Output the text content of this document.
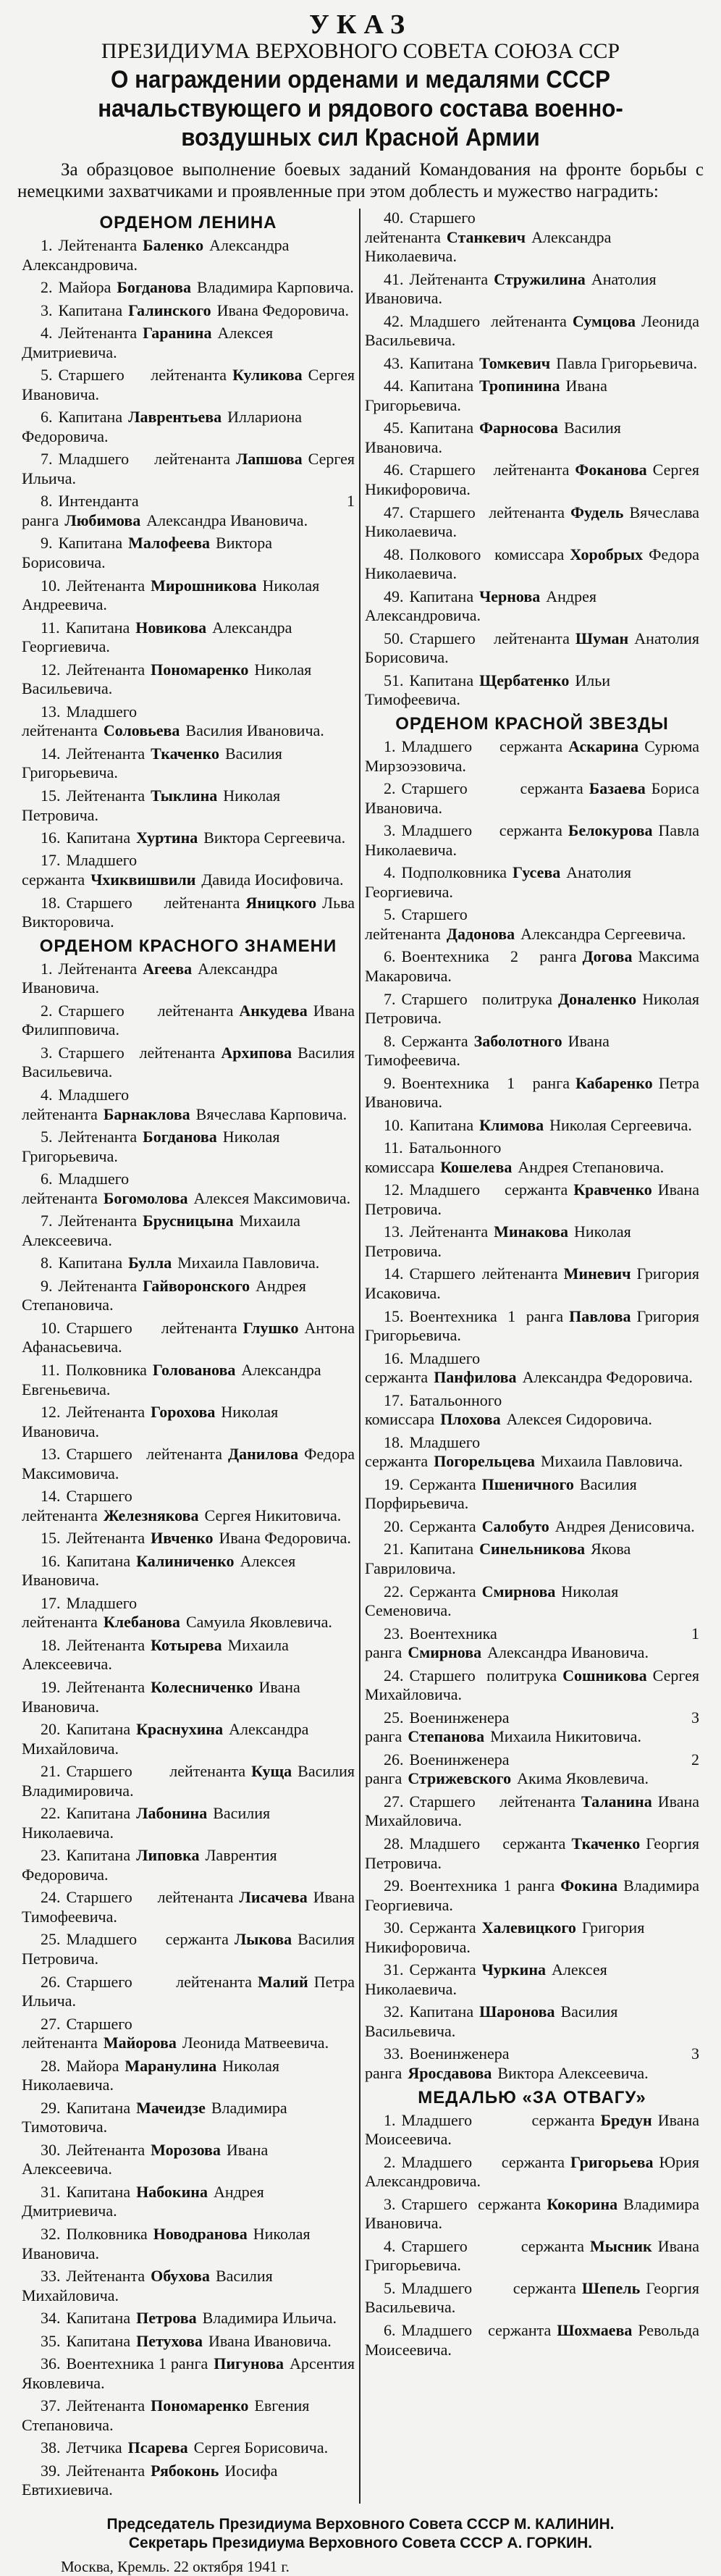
УКАЗ
ПРЕЗИДИУМА ВЕРХОВНОГО СОВЕТА СОЮЗА ССР
О награждении орденами и медалями СССР начальствующего и рядового состава военно-воздушных сил Красной Армии
За образцовое выполнение боевых заданий Командования на фронте борьбы с немецкими захватчиками и проявленные при этом доблесть и мужество наградить:
ОРДЕНОМ ЛЕНИНА
1. Лейтенанта Баленко Александра Александровича.
2. Майора Богданова Владимира Карповича.
3. Капитана Галинского Ивана Федоровича.
4. Лейтенанта Гаранина Алексея Дмитриевича.
5. Старшего лейтенанта Куликова Сергея Ивановича.
6. Капитана Лаврентьева Иллариона Федоровича.
7. Младшего лейтенанта Лапшова Сергея Ильича.
8. Интенданта 1 ранга Любимова Александра Ивановича.
9. Капитана Малофеева Виктора Борисовича.
10. Лейтенанта Мирошникова Николая Андреевича.
11. Капитана Новикова Александра Георгиевича.
12. Лейтенанта Пономаренко Николая Васильевича.
13. Младшего лейтенанта Соловьева Василия Ивановича.
14. Лейтенанта Ткаченко Василия Григорьевича.
15. Лейтенанта Тыклина Николая Петровича.
16. Капитана Хуртина Виктора Сергеевича.
17. Младшего сержанта Чхиквишвили Давида Иосифовича.
18. Старшего лейтенанта Яницкого Льва Викторовича.
ОРДЕНОМ КРАСНОГО ЗНАМЕНИ
1. Лейтенанта Агеева Александра Ивановича.
2. Старшего лейтенанта Анкудева Ивана Филипповича.
3. Старшего лейтенанта Архипова Василия Васильевича.
4. Младшего лейтенанта Барнаклова Вячеслава Карповича.
5. Лейтенанта Богданова Николая Григорьевича.
6. Младшего лейтенанта Богомолова Алексея Максимовича.
7. Лейтенанта Брусницына Михаила Алексеевича.
8. Капитана Булла Михаила Павловича.
9. Лейтенанта Гайворонского Андрея Степановича.
10. Старшего лейтенанта Глушко Антона Афанасьевича.
11. Полковника Голованова Александра Евгеньевича.
12. Лейтенанта Горохова Николая Ивановича.
13. Старшего лейтенанта Данилова Федора Максимовича.
14. Старшего лейтенанта Железнякова Сергея Никитовича.
15. Лейтенанта Ивченко Ивана Федоровича.
16. Капитана Калиниченко Алексея Ивановича.
17. Младшего лейтенанта Клебанова Самуила Яковлевича.
18. Лейтенанта Котырева Михаила Алексеевича.
19. Лейтенанта Колесниченко Ивана Ивановича.
20. Капитана Краснухина Александра Михайловича.
21. Старшего лейтенанта Куща Василия Владимировича.
22. Капитана Лабонина Василия Николаевича.
23. Капитана Липовка Лаврентия Федоровича.
24. Старшего лейтенанта Лисачева Ивана Тимофеевича.
25. Младшего сержанта Лыкова Василия Петровича.
26. Старшего лейтенанта Малий Петра Ильича.
27. Старшего лейтенанта Майорова Леонида Матвеевича.
28. Майора Маранулина Николая Николаевича.
29. Капитана Мачеидзе Владимира Тимотовича.
30. Лейтенанта Морозова Ивана Алексеевича.
31. Капитана Набокина Андрея Дмитриевича.
32. Полковника Новодранова Николая Ивановича.
33. Лейтенанта Обухова Василия Михайловича.
34. Капитана Петрова Владимира Ильича.
35. Капитана Петухова Ивана Ивановича.
36. Воентехника 1 ранга Пигунова Арсентия Яковлевича.
37. Лейтенанта Пономаренко Евгения Степановича.
38. Летчика Псарева Сергея Борисовича.
39. Лейтенанта Рябоконь Иосифа Евтихиевича.
40. Старшего лейтенанта Станкевич Александра Николаевича.
41. Лейтенанта Стружилина Анатолия Ивановича.
42. Младшего лейтенанта Сумцова Леонида Васильевича.
43. Капитана Томкевич Павла Григорьевича.
44. Капитана Тропинина Ивана Григорьевича.
45. Капитана Фарносова Василия Ивановича.
46. Старшего лейтенанта Фоканова Сергея Никифоровича.
47. Старшего лейтенанта Фудель Вячеслава Николаевича.
48. Полкового комиссара Хоробрых Федора Николаевича.
49. Капитана Чернова Андрея Александровича.
50. Старшего лейтенанта Шуман Анатолия Борисовича.
51. Капитана Щербатенко Ильи Тимофеевича.
ОРДЕНОМ КРАСНОЙ ЗВЕЗДЫ
1. Младшего сержанта Аскарина Сурюма Мирзоэзовича.
2. Старшего сержанта Базаева Бориса Ивановича.
3. Младшего сержанта Белокурова Павла Николаевича.
4. Подполковника Гусева Анатолия Георгиевича.
5. Старшего лейтенанта Дадонова Александра Сергеевича.
6. Воентехника 2 ранга Догова Максима Макаровича.
7. Старшего политрука Доналенко Николая Петровича.
8. Сержанта Заболотного Ивана Тимофеевича.
9. Воентехника 1 ранга Кабаренко Петра Ивановича.
10. Капитана Климова Николая Сергеевича.
11. Батальонного комиссара Кошелева Андрея Степановича.
12. Младшего сержанта Кравченко Ивана Петровича.
13. Лейтенанта Минакова Николая Петровича.
14. Старшего лейтенанта Миневич Григория Исаковича.
15. Воентехника 1 ранга Павлова Григория Григорьевича.
16. Младшего сержанта Панфилова Александра Федоровича.
17. Батальонного комиссара Плохова Алексея Сидоровича.
18. Младшего сержанта Погорельцева Михаила Павловича.
19. Сержанта Пшеничного Василия Порфирьевича.
20. Сержанта Салобуто Андрея Денисовича.
21. Капитана Синельникова Якова Гавриловича.
22. Сержанта Смирнова Николая Семеновича.
23. Воентехника 1 ранга Смирнова Александра Ивановича.
24. Старшего политрука Сошникова Сергея Михайловича.
25. Военинженера 3 ранга Степанова Михаила Никитовича.
26. Военинженера 2 ранга Стрижевского Акима Яковлевича.
27. Старшего лейтенанта Таланина Ивана Михайловича.
28. Младшего сержанта Ткаченко Георгия Петровича.
29. Воентехника 1 ранга Фокина Владимира Георгиевича.
30. Сержанта Халевицкого Григория Никифоровича.
31. Сержанта Чуркина Алексея Николаевича.
32. Капитана Шаронова Василия Васильевича.
33. Военинженера 3 ранга Яросдавова Виктора Алексеевича.
МЕДАЛЬЮ «ЗА ОТВАГУ»
1. Младшего сержанта Бредун Ивана Моисеевича.
2. Младшего сержанта Григорьева Юрия Александровича.
3. Старшего сержанта Кокорина Владимира Ивановича.
4. Старшего сержанта Мысник Ивана Григорьевича.
5. Младшего сержанта Шепель Георгия Васильевича.
6. Младшего сержанта Шохмаева Револьда Моисеевича.
Председатель Президиума Верховного Совета СССР М. КАЛИНИН.
Секретарь Президиума Верховного Совета СССР А. ГОРКИН.
Москва, Кремль. 22 октября 1941 г.
